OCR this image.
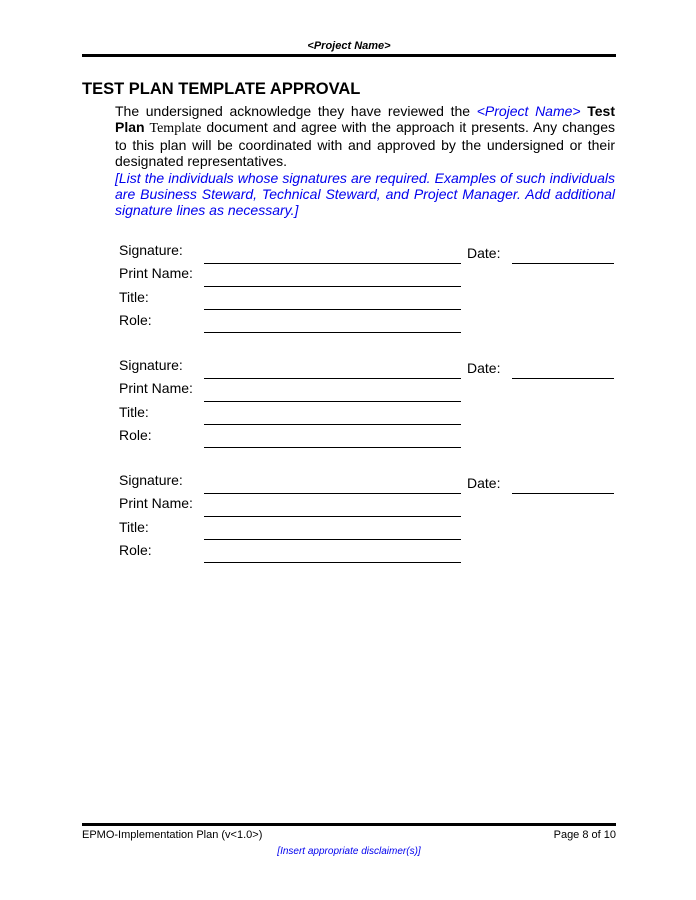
<Project Name>
TEST PLAN TEMPLATE APPROVAL

The undersigned acknowledge they have reviewed the <Project Name> Test Plan Template document and agree with the approach it presents. Any changes to this plan will be coordinated with and approved by the undersigned or their designated representatives.

[List the individuals whose signatures are required. Examples of such individuals are Business Steward, Technical Steward, and Project Manager. Add additional signature lines as necessary.]

Signature:	Date:
Print Name:
Title:
Role:
Signature:	Date:
Print Name:
Title:
Role:
Signature:	Date:
Print Name:
Title:
Role:
EPMO-Implementation Plan (v<1.0>)	Page 8 of 10
[Insert appropriate disclaimer(s)]
